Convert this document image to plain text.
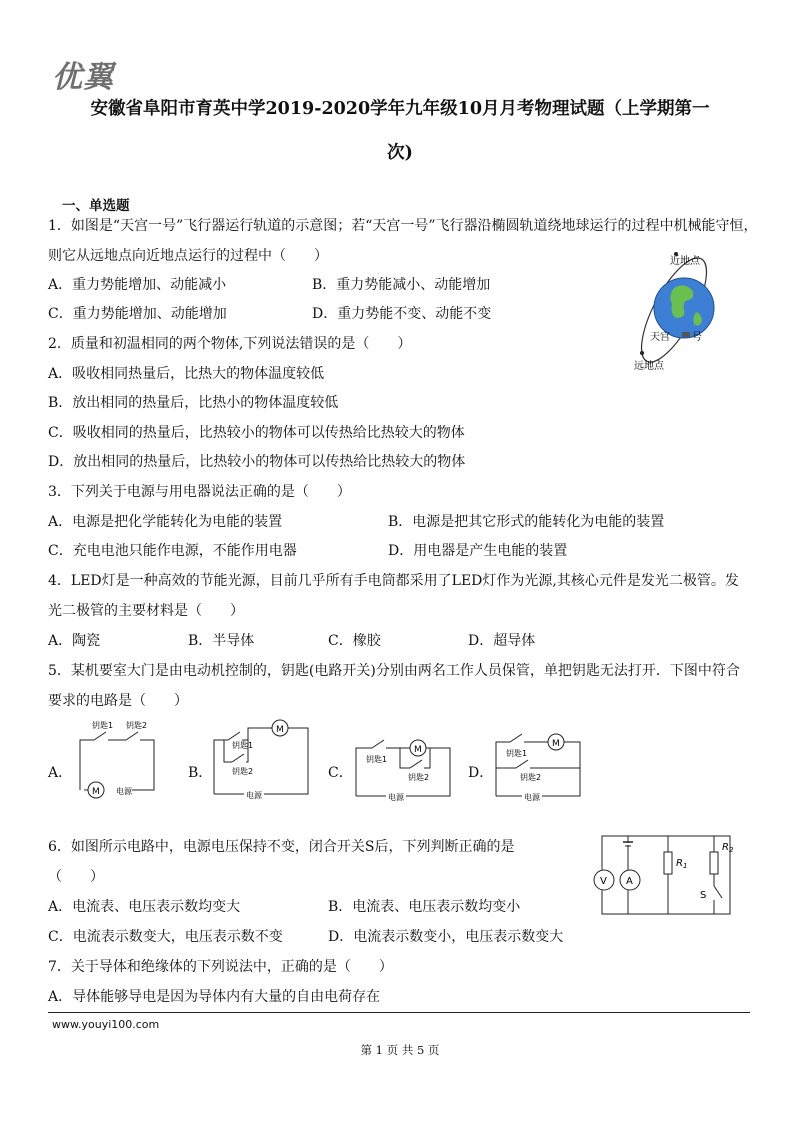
优翼
安徽省阜阳市育英中学2019-2020学年九年级10月月考物理试题（上学期第一
次)
一、单选题
1．如图是“天宫一号”飞行器运行轨道的示意图；若“天宫一号”飞行器沿椭圆轨道绕地球运行的过程中机械能守恒，
则它从远地点向近地点运行的过程中（　　）
A．重力势能增加、动能减小	B．重力势能减小、动能增加
C．重力势能增加、动能增加	D．重力势能不变、动能不变
近地点
天宫 号
远地点
2．质量和初温相同的两个物体,下列说法错误的是（　　）
A．吸收相同热量后，比热大的物体温度较低
B．放出相同的热量后，比热小的物体温度较低
C．吸收相同的热量后，比热较小的物体可以传热给比热较大的物体
D．放出相同的热量后，比热较小的物体可以传热给比热较大的物体
3．下列关于电源与用电器说法正确的是（　　）
A．电源是把化学能转化为电能的装置	B．电源是把其它形式的能转化为电能的装置
C．充电电池只能作电源，不能作用电器	D．用电器是产生电能的装置
4．LED灯是一种高效的节能光源，目前几乎所有手电筒都采用了LED灯作为光源,其核心元件是发光二极管。发
光二极管的主要材料是（　　）
A．陶瓷	B．半导体	C．橡胶	D．超导体
5．某机要室大门是由电动机控制的，钥匙(电路开关)分别由两名工作人员保管，单把钥匙无法打开．下图中符合
要求的电路是（　　）
A．	B．	C．	D．
M 电源
钥匙1 钥匙2	M
钥匙1
钥匙2
电源
M
钥匙1
钥匙2
电源
M
钥匙1
钥匙2
电源
6．如图所示电路中，电源电压保持不变，闭合开关S后，下列判断正确的是
（　　）
A．电流表、电压表示数均变大	B．电流表、电压表示数均变小
C．电流表示数变大，电压表示数不变	D．电流表示数变小，电压表示数变大
V A
$R_1$
$R_2$
S
7．关于导体和绝缘体的下列说法中，正确的是（　　）
A．导体能够导电是因为导体内有大量的自由电荷存在
www.youyi100.com
第 1 页 共 5 页
